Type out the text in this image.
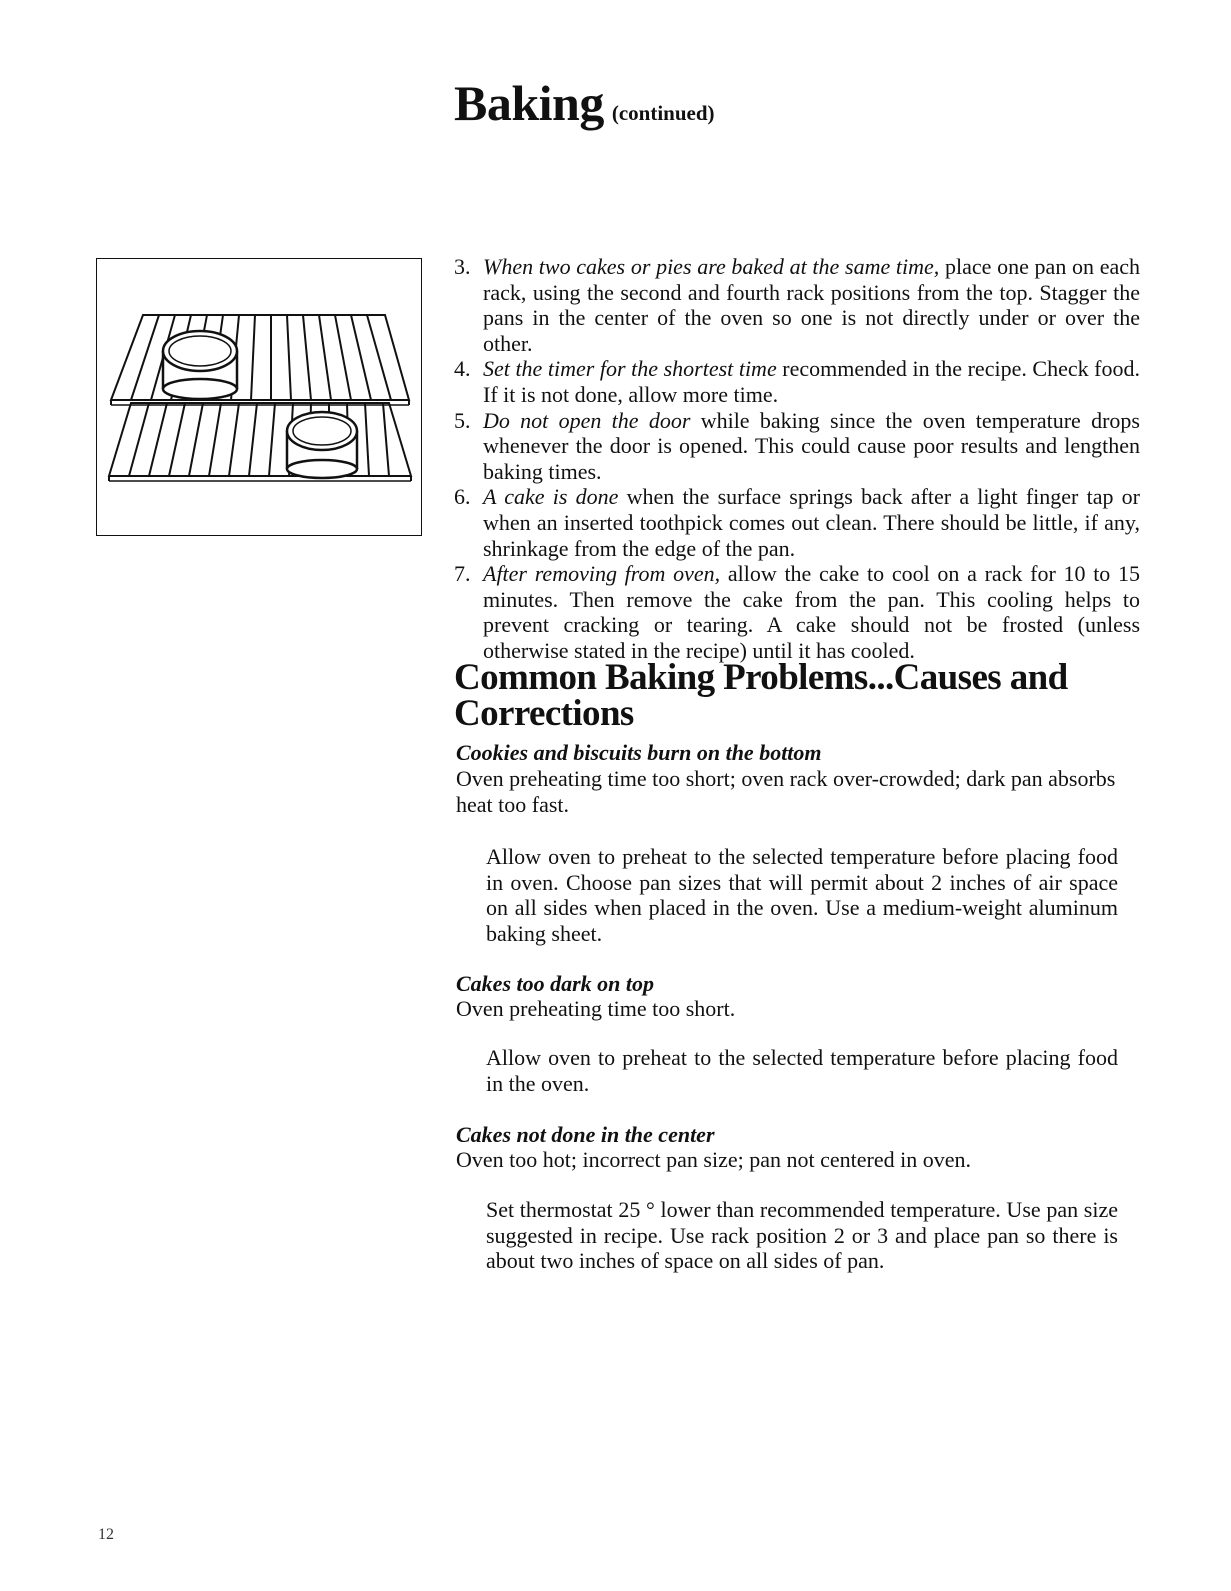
Baking (continued)
3. When two cakes or pies are baked at the same time, place one pan on each rack, using the second and fourth rack positions from the top. Stagger the pans in the center of the oven so one is not directly under or over the other.
4. Set the timer for the shortest time recommended in the recipe. Check food. If it is not done, allow more time.
5. Do not open the door while baking since the oven temperature drops whenever the door is opened. This could cause poor results and lengthen baking times.
6. A cake is done when the surface springs back after a light finger tap or when an inserted toothpick comes out clean. There should be little, if any, shrinkage from the edge of the pan.
7. After removing from oven, allow the cake to cool on a rack for 10 to 15 minutes. Then remove the cake from the pan. This cooling helps to prevent cracking or tearing. A cake should not be frosted (unless otherwise stated in the recipe) until it has cooled.
Common Baking Problems...Causes and Corrections
Cookies and biscuits burn on the bottom

Oven preheating time too short; oven rack over-crowded; dark pan absorbs heat too fast.

Allow oven to preheat to the selected temperature before placing food in oven. Choose pan sizes that will permit about 2 inches of air space on all sides when placed in the oven. Use a medium-weight aluminum baking sheet.

Cakes too dark on top

Oven preheating time too short.

Allow oven to preheat to the selected temperature before placing food in the oven.

Cakes not done in the center

Oven too hot; incorrect pan size; pan not centered in oven.

Set thermostat 25 ° lower than recommended temperature. Use pan size suggested in recipe. Use rack position 2 or 3 and place pan so there is about two inches of space on all sides of pan.

12
